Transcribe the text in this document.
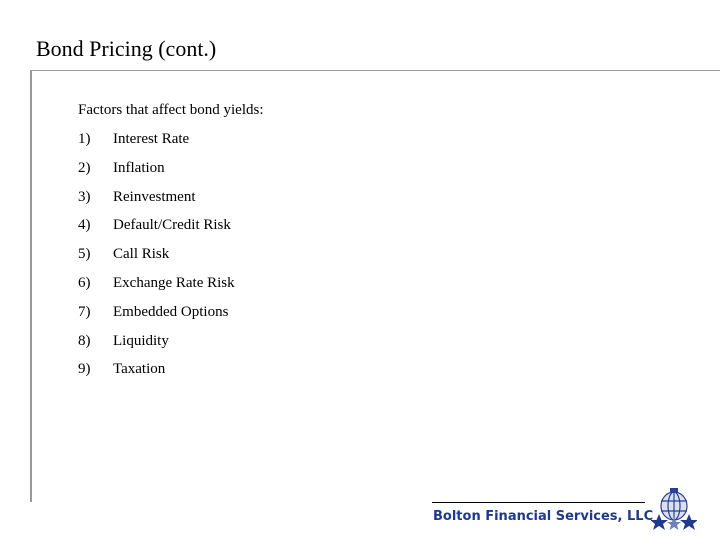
Bond Pricing (cont.)
Factors that affect bond yields:
1)	Interest Rate
2)	Inflation
3)	Reinvestment
4)	Default/Credit Risk
5)	Call Risk
6)	Exchange Rate Risk
7)	Embedded Options
8)	Liquidity
9)	Taxation
Bolton Financial Services, LLC
